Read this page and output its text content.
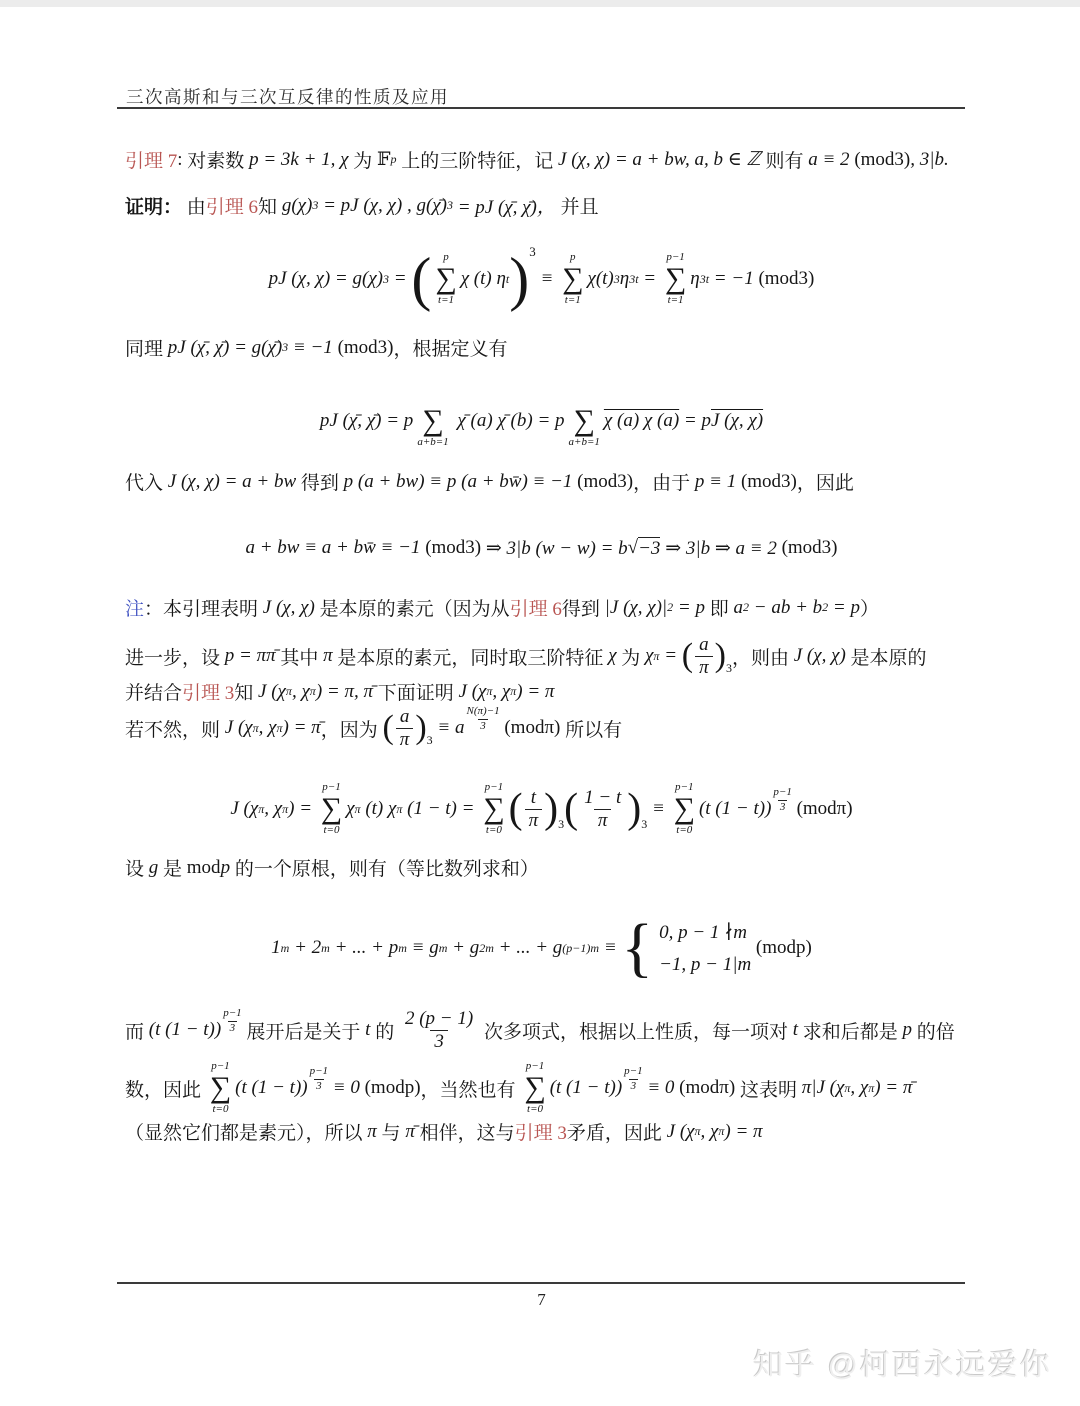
三次高斯和与三次互反律的性质及应用
引理 7 : 对素数 p = 3k + 1, χ 为 𝔽 p 上的三阶特征，记 J (χ, χ) = a + bw, a, b ∈ ℤ 则有 a ≡ 2 (mod3) , 3|b.
证明： 由 引理 6 知 g(χ) 3 = pJ (χ, χ) , g(χ̄) 3 = pJ (χ̄, χ̄)， 并且
pJ (χ, χ) = g(χ) 3 = ( p
∑
t=1
χ (t) η t ) 3
≡
p
∑
t=1
χ(t) 3 η 3t =
p−1
∑
t=1
η 3t = −1 (mod3)
同理 pJ (χ̄, χ̄) = g(χ̄) 3 ≡ −1 (mod3) ，根据定义有
pJ (χ̄, χ̄) = p
∑
a+b=1
χ̄ (a) χ̄ (b) = p
∑
a+b=1
χ (a) χ (a) = p J (χ, χ)
代入 J (χ, χ) = a + bw 得到 p (a + bw) ≡ p (a + bw̄) ≡ −1 (mod3) ，由于 p ≡ 1 (mod3) ，因此
a + bw ≡ a + bw̄ ≡ −1 (mod3) ⇒ 3|b (w − w) = b √ −3 ⇒ 3|b ⇒ a ≡ 2 (mod3)
注 ： 本引理表明 J (χ, χ) 是本原的素元（因为从 引理 6 得到 |J (χ, χ)| 2 = p 即 a 2 − ab + b 2 = p ）
进一步，设 p = ππ̄ 其中 π 是本原的素元，同时取三阶特征 χ 为 χ π = ( $\frac{a}{\pi}$ ) 3 ，则由 J (χ, χ) 是本原的
并结合 引理 3 知 J (χ π , χ π ) = π, π̄ 下面证明 J (χ π , χ π ) = π
若不然，则 J (χ π , χ π ) = π̄ ，因为 ( $\frac{a}{\pi}$ ) 3
≡ a $\frac{N(\pi)-1}{3}$
(modπ) 所以有
J (χ π , χ π ) =
p−1
∑
t=0
χ π (t) χ π (1 − t) =
p−1
∑
t=0 ( $\frac{t}{\pi}$ ) 3 ( $\frac{1 - t}{\pi}$ ) 3
≡
p−1
∑
t=0
(t $(1 - t)) \frac{p-1}{3}$
(modπ)
设 g 是 mod p 的一个原根，则有（等比数列求和）
1 m + 2 m + ... + p m ≡ g m + g 2m + ... + g (p−1)m ≡ { 0, p − 1 ∤m
−1, p − 1|m
(modp)
而 (t $(1 - t)) \frac{p-1}{3}$ 展开后是关于 t 的 $\frac{2 (p - 1)}{3}$ 次多项式，根据以上性质，每一项对 t 求和后都是 p 的倍
数，因此
p−1
∑
t=0
(t $(1 - t)) \frac{p-1}{3} \equiv 0$ (modp) ，当然也有
p−1
∑
t=0
(t $(1 - t)) \frac{p-1}{3} \equiv 0$ (modπ) 这表明 π|J (χ π , χ π ) = π̄
（显然它们都是素元），所以 π 与 π̄ 相伴，这与 引理 3 矛盾，因此 J (χ π , χ π ) = π
7
知乎 @柯西永远爱你
